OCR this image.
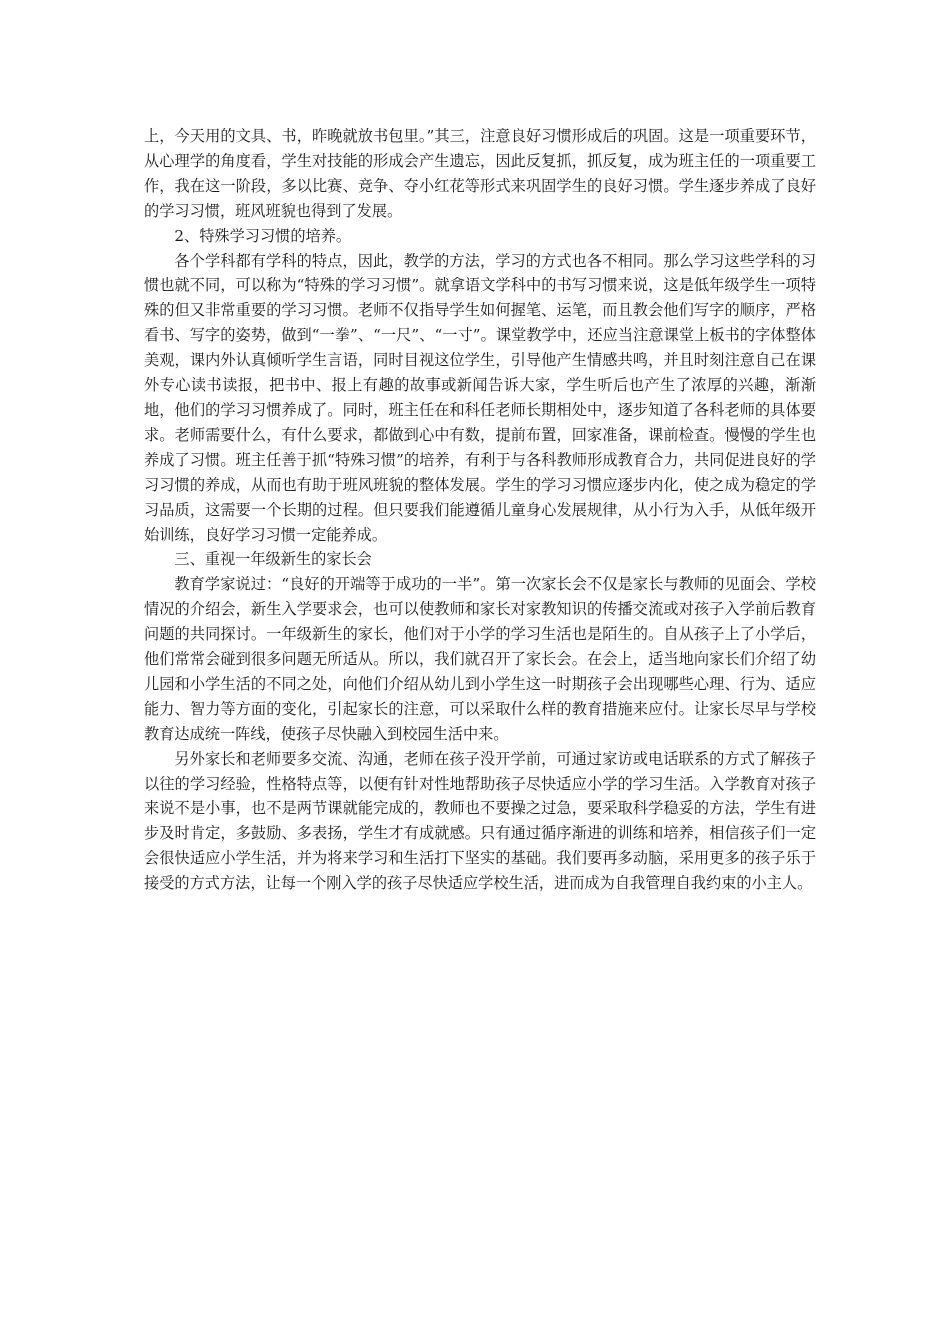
上，今天用的文具、书，昨晚就放书包里。”其三，注意良好习惯形成后的巩固。这是一项重要环节，从心理学的角度看，学生对技能的形成会产生遗忘，因此反复抓，抓反复，成为班主任的一项重要工作，我在这一阶段，多以比赛、竞争、夺小红花等形式来巩固学生的良好习惯。学生逐步养成了良好的学习习惯，班风班貌也得到了发展。

2、特殊学习习惯的培养。

各个学科都有学科的特点，因此，教学的方法，学习的方式也各不相同。那么学习这些学科的习惯也就不同，可以称为“特殊的学习习惯”。就拿语文学科中的书写习惯来说，这是低年级学生一项特殊的但又非常重要的学习习惯。老师不仅指导学生如何握笔、运笔，而且教会他们写字的顺序，严格看书、写字的姿势，做到“一拳”、“一尺”、“一寸”。课堂教学中，还应当注意课堂上板书的字体整体美观，课内外认真倾听学生言语，同时目视这位学生，引导他产生情感共鸣，并且时刻注意自己在课外专心读书读报，把书中、报上有趣的故事或新闻告诉大家，学生听后也产生了浓厚的兴趣，渐渐地，他们的学习习惯养成了。同时，班主任在和科任老师长期相处中，逐步知道了各科老师的具体要求。老师需要什么，有什么要求，都做到心中有数，提前布置，回家准备，课前检查。慢慢的学生也养成了习惯。班主任善于抓“特殊习惯”的培养，有利于与各科教师形成教育合力，共同促进良好的学习习惯的养成，从而也有助于班风班貌的整体发展。学生的学习习惯应逐步内化，使之成为稳定的学习品质，这需要一个长期的过程。但只要我们能遵循儿童身心发展规律，从小行为入手，从低年级开始训练，良好学习习惯一定能养成。

三、重视一年级新生的家长会

教育学家说过：“良好的开端等于成功的一半”。第一次家长会不仅是家长与教师的见面会、学校情况的介绍会，新生入学要求会，也可以使教师和家长对家教知识的传播交流或对孩子入学前后教育问题的共同探讨。一年级新生的家长，他们对于小学的学习生活也是陌生的。自从孩子上了小学后，他们常常会碰到很多问题无所适从。所以，我们就召开了家长会。在会上，适当地向家长们介绍了幼儿园和小学生活的不同之处，向他们介绍从幼儿到小学生这一时期孩子会出现哪些心理、行为、适应能力、智力等方面的变化，引起家长的注意，可以采取什么样的教育措施来应付。让家长尽早与学校教育达成统一阵线，使孩子尽快融入到校园生活中来。

另外家长和老师要多交流、沟通，老师在孩子没开学前，可通过家访或电话联系的方式了解孩子以往的学习经验，性格特点等，以便有针对性地帮助孩子尽快适应小学的学习生活。入学教育对孩子来说不是小事，也不是两节课就能完成的，教师也不要操之过急，要采取科学稳妥的方法，学生有进步及时肯定，多鼓励、多表扬，学生才有成就感。只有通过循序渐进的训练和培养，相信孩子们一定会很快适应小学生活，并为将来学习和生活打下坚实的基础。我们要再多动脑，采用更多的孩子乐于接受的方式方法，让每一个刚入学的孩子尽快适应学校生活，进而成为自我管理自我约束的小主人。
